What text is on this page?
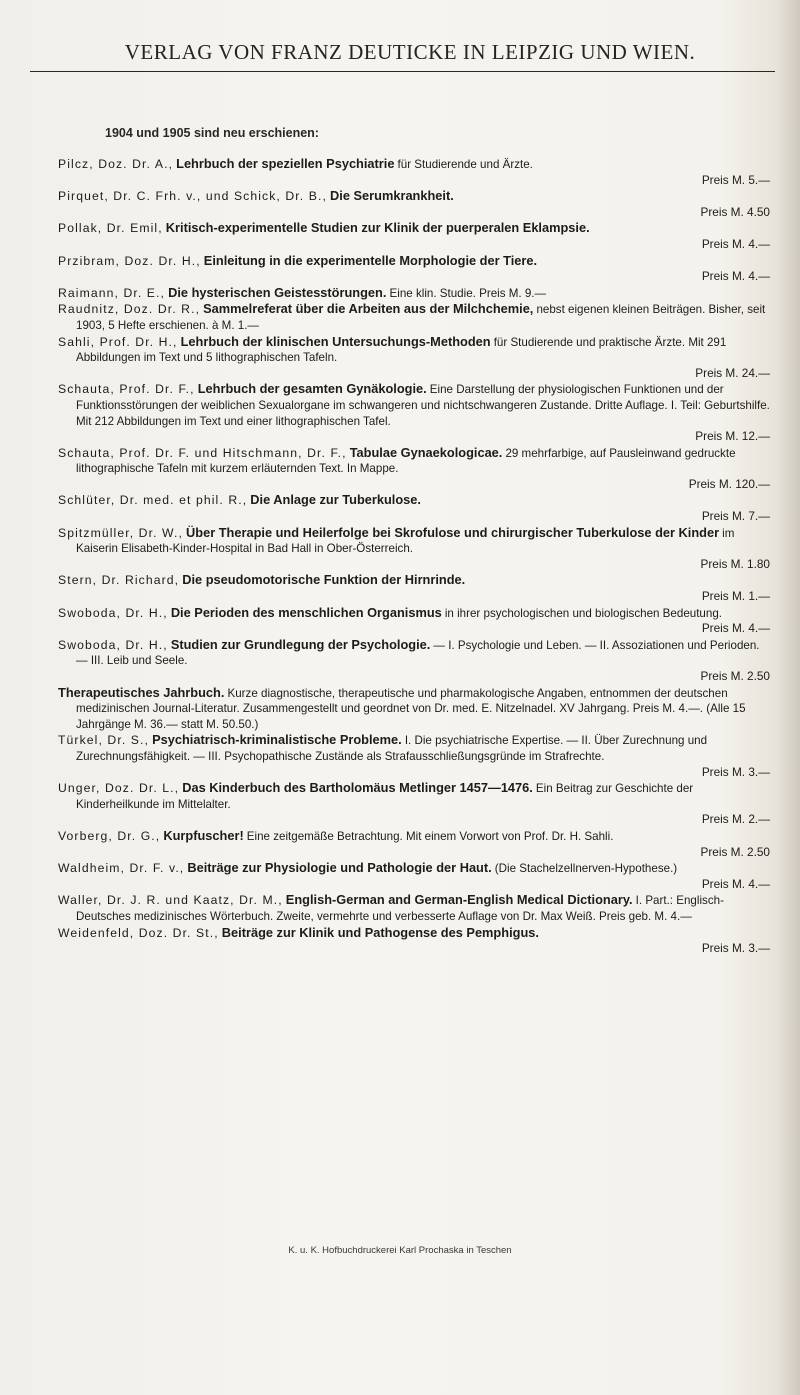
VERLAG VON FRANZ DEUTICKE IN LEIPZIG UND WIEN.
1904 und 1905 sind neu erschienen:

Pilcz, Doz. Dr. A., Lehrbuch der speziellen Psychiatrie für Studierende und Ärzte.
Preis M. 5.—

Pirquet, Dr. C. Frh. v., und Schick, Dr. B., Die Serumkrankheit.
Preis M. 4.50

Pollak, Dr. Emil, Kritisch-experimentelle Studien zur Klinik der puerperalen Eklampsie.
Preis M. 4.—

Przibram, Doz. Dr. H., Einleitung in die experimentelle Morphologie der Tiere.
Preis M. 4.—

Raimann, Dr. E., Die hysterischen Geistesstörungen. Eine klin. Studie. Preis M. 9.—

Raudnitz, Doz. Dr. R., Sammelreferat über die Arbeiten aus der Milchchemie, nebst eigenen kleinen Beiträgen. Bisher, seit 1903, 5 Hefte erschienen. à M. 1.—

Sahli, Prof. Dr. H., Lehrbuch der klinischen Untersuchungs-Methoden für Studierende und praktische Ärzte. Mit 291 Abbildungen im Text und 5 lithographischen Tafeln.
Preis M. 24.—

Schauta, Prof. Dr. F., Lehrbuch der gesamten Gynäkologie. Eine Darstellung der physiologischen Funktionen und der Funktionsstörungen der weiblichen Sexualorgane im schwangeren und nichtschwangeren Zustande. Dritte Auflage. I. Teil: Geburtshilfe. Mit 212 Abbildungen im Text und einer lithographischen Tafel.
Preis M. 12.—

Schauta, Prof. Dr. F. und Hitschmann, Dr. F., Tabulae Gynaekologicae. 29 mehrfarbige, auf Pausleinwand gedruckte lithographische Tafeln mit kurzem erläuternden Text. In Mappe.
Preis M. 120.—

Schlüter, Dr. med. et phil. R., Die Anlage zur Tuberkulose.
Preis M. 7.—

Spitzmüller, Dr. W., Über Therapie und Heilerfolge bei Skrofulose und chirurgischer Tuberkulose der Kinder im Kaiserin Elisabeth-Kinder-Hospital in Bad Hall in Ober-Österreich.
Preis M. 1.80

Stern, Dr. Richard, Die pseudomotorische Funktion der Hirnrinde.
Preis M. 1.—

Swoboda, Dr. H., Die Perioden des menschlichen Organismus in ihrer psychologischen und biologischen Bedeutung.
Preis M. 4.—

Swoboda, Dr. H., Studien zur Grundlegung der Psychologie. — I. Psychologie und Leben. — II. Assoziationen und Perioden. — III. Leib und Seele.
Preis M. 2.50

Therapeutisches Jahrbuch. Kurze diagnostische, therapeutische und pharmakologische Angaben, entnommen der deutschen medizinischen Journal-Literatur. Zusammengestellt und geordnet von Dr. med. E. Nitzelnadel. XV Jahrgang. Preis M. 4.—. (Alle 15 Jahrgänge M. 36.— statt M. 50.50.)

Türkel, Dr. S., Psychiatrisch-kriminalistische Probleme. I. Die psychiatrische Expertise. — II. Über Zurechnung und Zurechnungsfähigkeit. — III. Psychopathische Zustände als Strafausschließungsgründe im Strafrechte.
Preis M. 3.—

Unger, Doz. Dr. L., Das Kinderbuch des Bartholomäus Metlinger 1457—1476. Ein Beitrag zur Geschichte der Kinderheilkunde im Mittelalter.
Preis M. 2.—

Vorberg, Dr. G., Kurpfuscher! Eine zeitgemäße Betrachtung. Mit einem Vorwort von Prof. Dr. H. Sahli.
Preis M. 2.50

Waldheim, Dr. F. v., Beiträge zur Physiologie und Pathologie der Haut. (Die Stachelzellnerven-Hypothese.)
Preis M. 4.—

Waller, Dr. J. R. und Kaatz, Dr. M., English-German and German-English Medical Dictionary. I. Part.: Englisch-Deutsches medizinisches Wörterbuch. Zweite, vermehrte und verbesserte Auflage von Dr. Max Weiß. Preis geb. M. 4.—

Weidenfeld, Doz. Dr. St., Beiträge zur Klinik und Pathogense des Pemphigus.
Preis M. 3.—

K. u. K. Hofbuchdruckerei Karl Prochaska in Teschen
